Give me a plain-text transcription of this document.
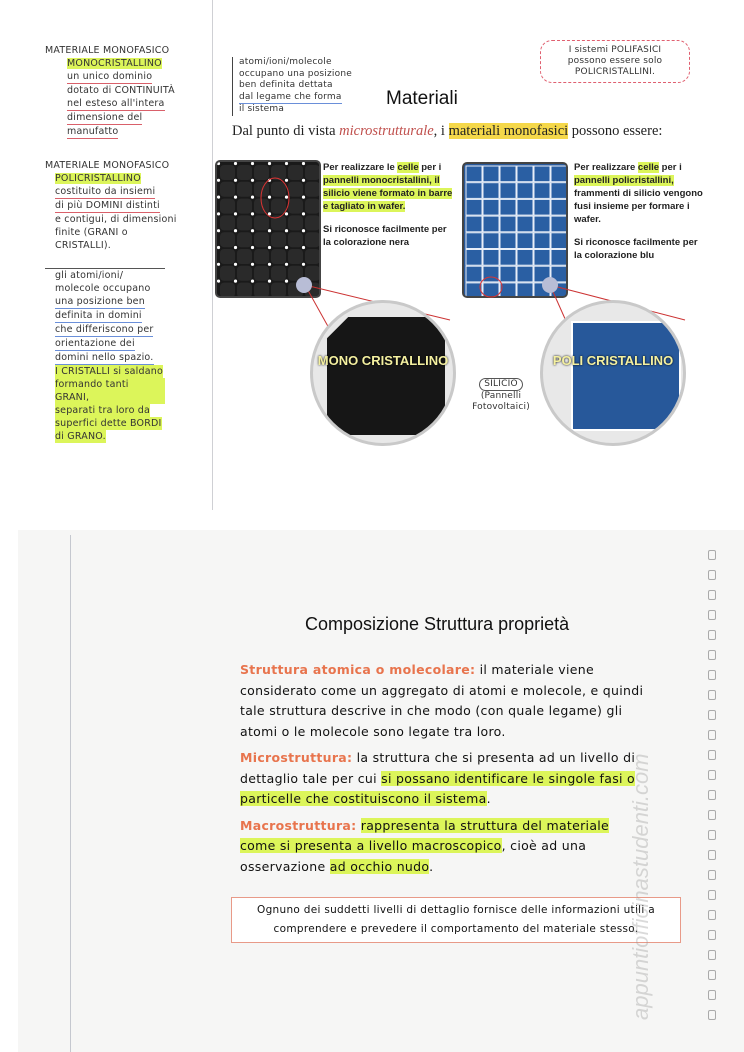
MATERIALE MONOFASICO
MONOCRISTALLINO
un unico dominio
dotato di CONTINUITÀ
nel esteso all'intera
dimensione del
manufatto
MATERIALE MONOFASICO
POLICRISTALLINO
costituito da insiemi
di più DOMINI distinti
e contigui, di dimensioni
finite (GRANI o
CRISTALLI).
gli atomi/ioni/
molecole occupano
una posizione ben
definita in domini
che differiscono per
orientazione dei
domini nello spazio.
I CRISTALLI si saldano
formando tanti GRANI,
separati tra loro da
superfici dette BORDI
di GRANO.
atomi/ioni/molecole
occupano una posizione
ben definita dettata
dal legame che forma
il sistema
I sistemi POLIFASICI
possono essere solo
POLICRISTALLINI.
Materiali
Dal punto di vista microstrutturale, i materiali monofasici possono essere:
Per realizzare le celle per i pannelli monocristallini, il silicio viene formato in barre e tagliato in wafer.
Si riconosce facilmente per la colorazione nera
Per realizzare celle per i pannelli policristallini, frammenti di silicio vengono fusi insieme per formare i wafer.
Si riconosce facilmente per la colorazione blu
MONO CRISTALLINO	POLI CRISTALLINO
SILICIO
(Pannelli Fotovoltaici)
Composizione Struttura proprietà

Struttura atomica o molecolare: il materiale viene considerato come un aggregato di atomi e molecole, e quindi tale struttura descrive in che modo (con quale legame) gli atomi o le molecole sono legate tra loro.

Microstruttura: la struttura che si presenta ad un livello di dettaglio tale per cui si possano identificare le singole fasi o particelle che costituiscono il sistema.

Macrostruttura: rappresenta la struttura del materiale come si presenta a livello macroscopico, cioè ad una osservazione ad occhio nudo.

Ognuno dei suddetti livelli di dettaglio fornisce delle informazioni utili a comprendere e prevedere il comportamento del materiale stesso.
appuntiofficinastudenti.com
